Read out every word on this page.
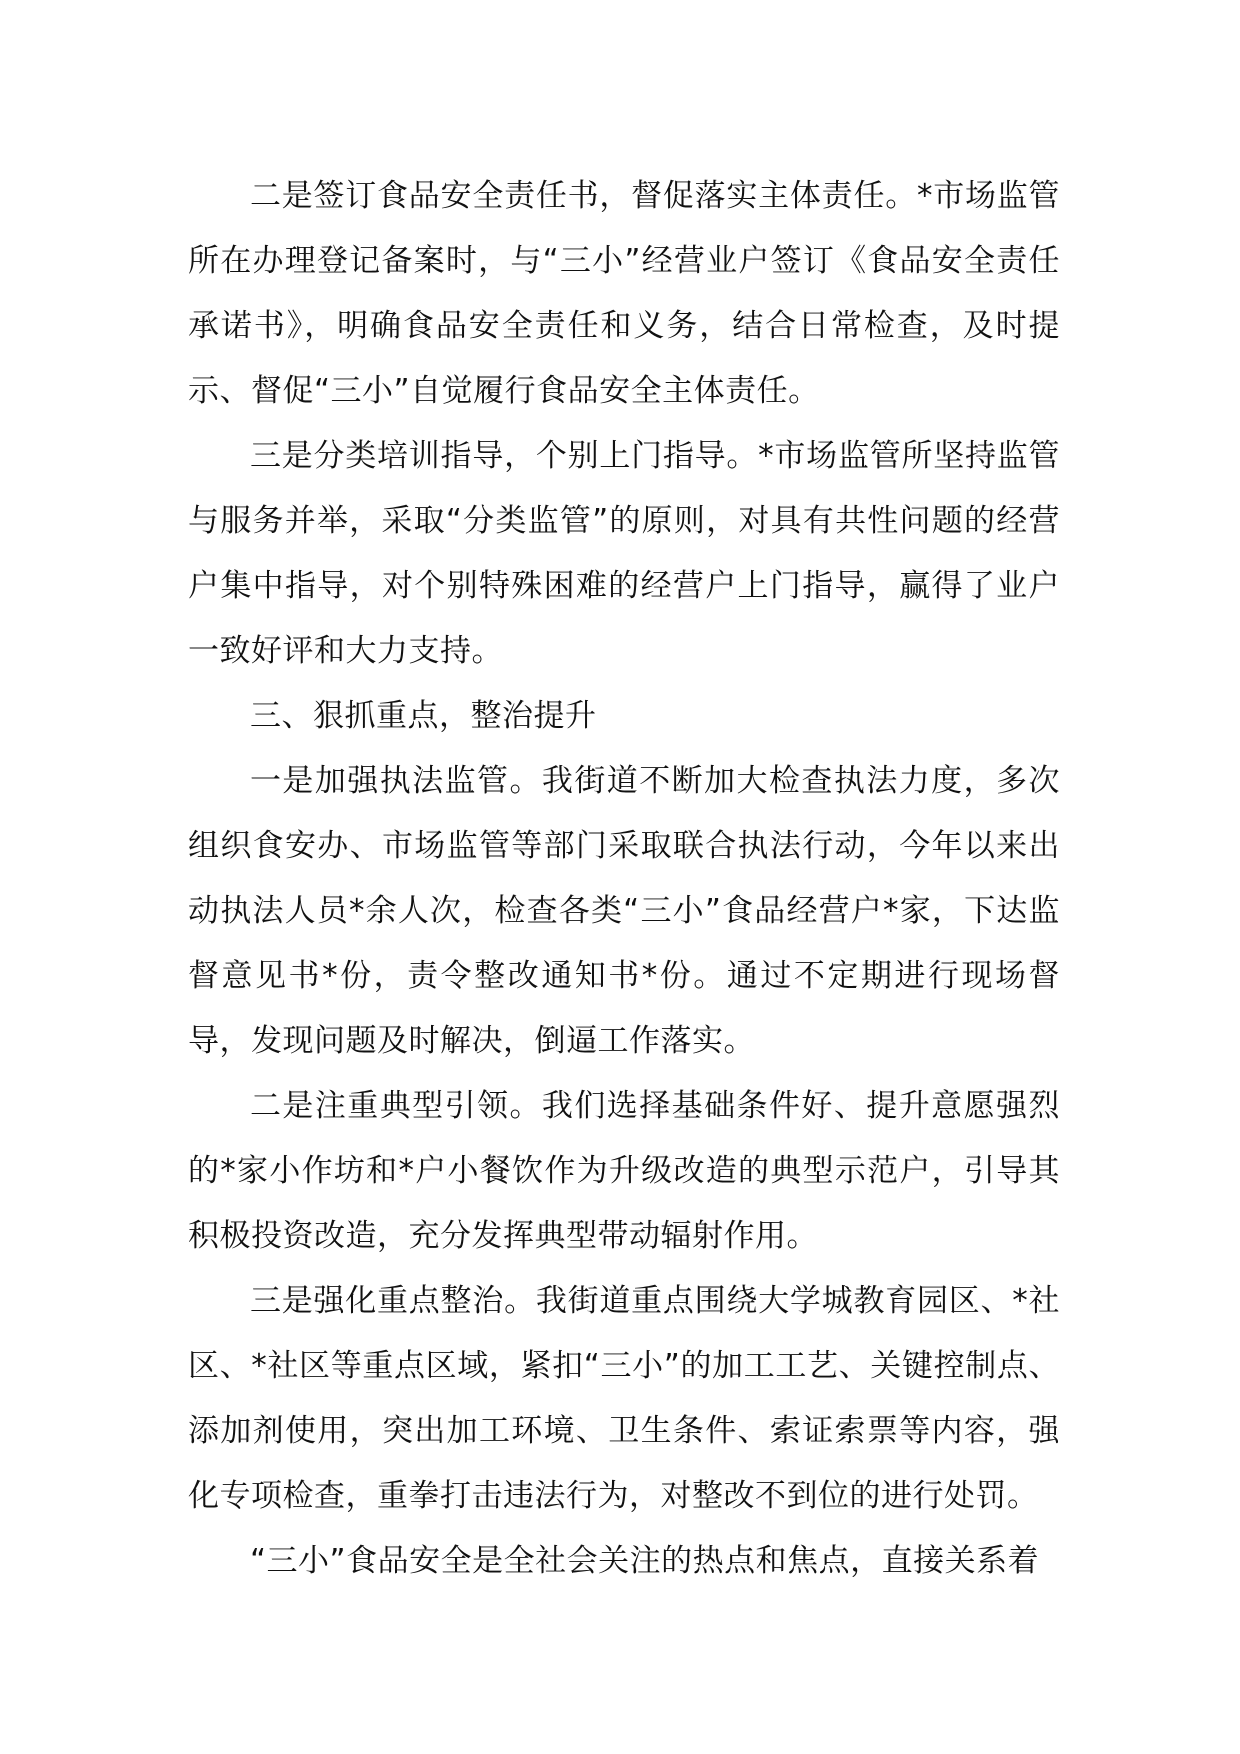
二是签订食品安全责任书，督促落实主体责任。*市场监管所在办理登记备案时，与“三小”经营业户签订《食品安全责任承诺书》，明确食品安全责任和义务，结合日常检查，及时提示、督促“三小”自觉履行食品安全主体责任。

三是分类培训指导，个别上门指导。*市场监管所坚持监管与服务并举，采取“分类监管”的原则，对具有共性问题的经营户集中指导，对个别特殊困难的经营户上门指导，赢得了业户一致好评和大力支持。

三、狠抓重点，整治提升

一是加强执法监管。我街道不断加大检查执法力度，多次组织食安办、市场监管等部门采取联合执法行动，今年以来出动执法人员*余人次，检查各类“三小”食品经营户*家，下达监督意见书*份，责令整改通知书*份。通过不定期进行现场督导，发现问题及时解决，倒逼工作落实。

二是注重典型引领。我们选择基础条件好、提升意愿强烈的*家小作坊和*户小餐饮作为升级改造的典型示范户，引导其积极投资改造，充分发挥典型带动辐射作用。

三是强化重点整治。我街道重点围绕大学城教育园区、*社区、*社区等重点区域，紧扣“三小”的加工工艺、关键控制点、添加剂使用，突出加工环境、卫生条件、索证索票等内容，强化专项检查，重拳打击违法行为，对整改不到位的进行处罚。

“三小”食品安全是全社会关注的热点和焦点，直接关系着
